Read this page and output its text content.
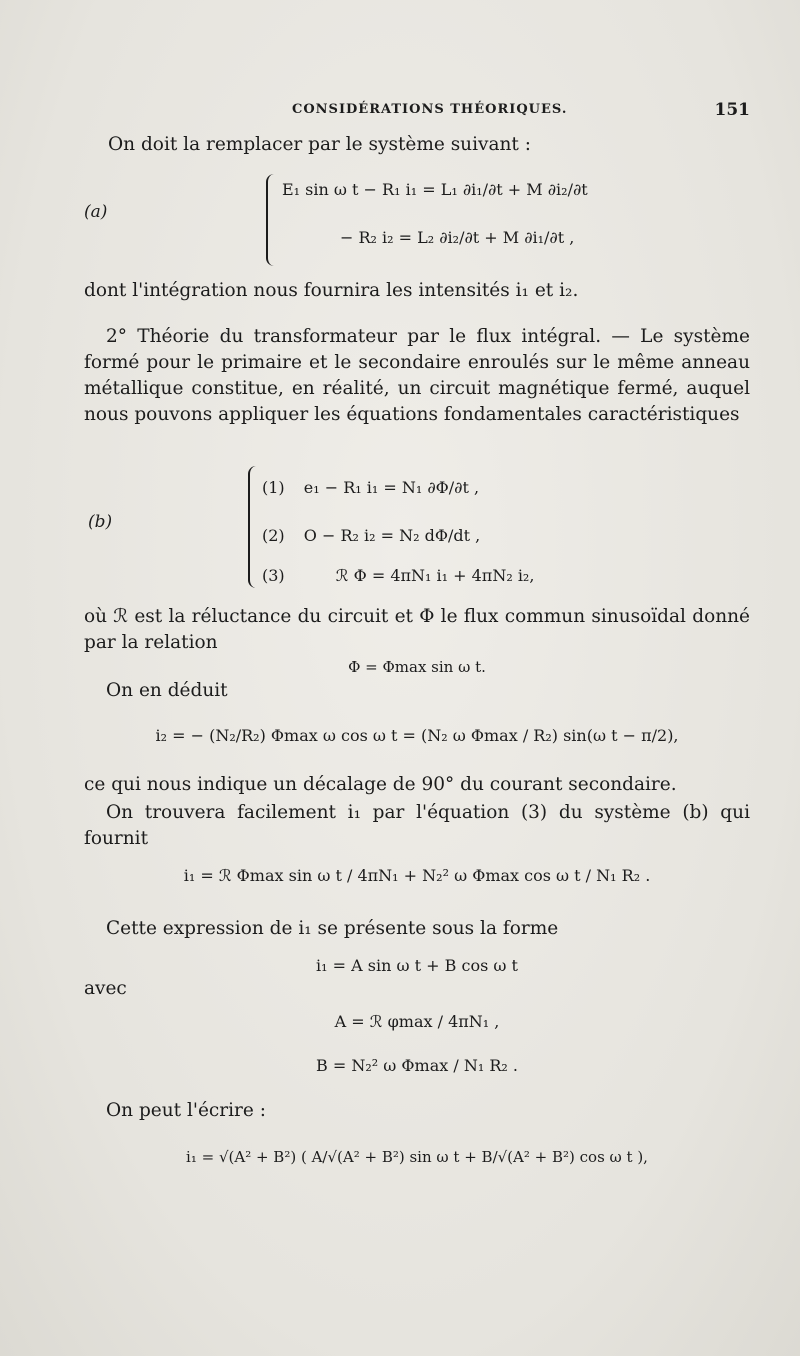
CONSIDÉRATIONS THÉORIQUES.	151
On doit la remplacer par le système suivant :
(a)
E₁ sin ω t − R₁ i₁ = L₁ ∂i₁/∂t + M ∂i₂/∂t
− R₂ i₂ = L₂ ∂i₂/∂t + M ∂i₁/∂t ,
dont l'intégration nous fournira les intensités i₁ et i₂.
2° Théorie du transformateur par le flux intégral. — Le système formé pour le primaire et le secondaire enroulés sur le même anneau métallique constitue, en réalité, un circuit magnétique fermé, auquel nous pouvons appliquer les équations fondamentales caractéristiques
(b)
(1) e₁ − R₁ i₁ = N₁ ∂Φ/∂t ,
(2) O − R₂ i₂ = N₂ dΦ/dt ,
(3)	ℛ Φ = 4πN₁ i₁ + 4πN₂ i₂,
où ℛ est la réluctance du circuit et Φ le flux commun sinusoïdal donné par la relation
Φ = Φmax sin ω t.
On en déduit
i₂ = − (N₂/R₂) Φmax ω cos ω t = (N₂ ω Φmax / R₂) sin(ω t − π/2),
ce qui nous indique un décalage de 90° du courant secondaire.
On trouvera facilement i₁ par l'équation (3) du système (b) qui fournit
i₁ = ℛ Φmax sin ω t / 4πN₁ + N₂² ω Φmax cos ω t / N₁ R₂ .
Cette expression de i₁ se présente sous la forme
i₁ = A sin ω t + B cos ω t
avec
A = ℛ φmax / 4πN₁ ,
B = N₂² ω Φmax / N₁ R₂ .
On peut l'écrire :
i₁ = √(A² + B²) ( A/√(A² + B²) sin ω t + B/√(A² + B²) cos ω t ),
